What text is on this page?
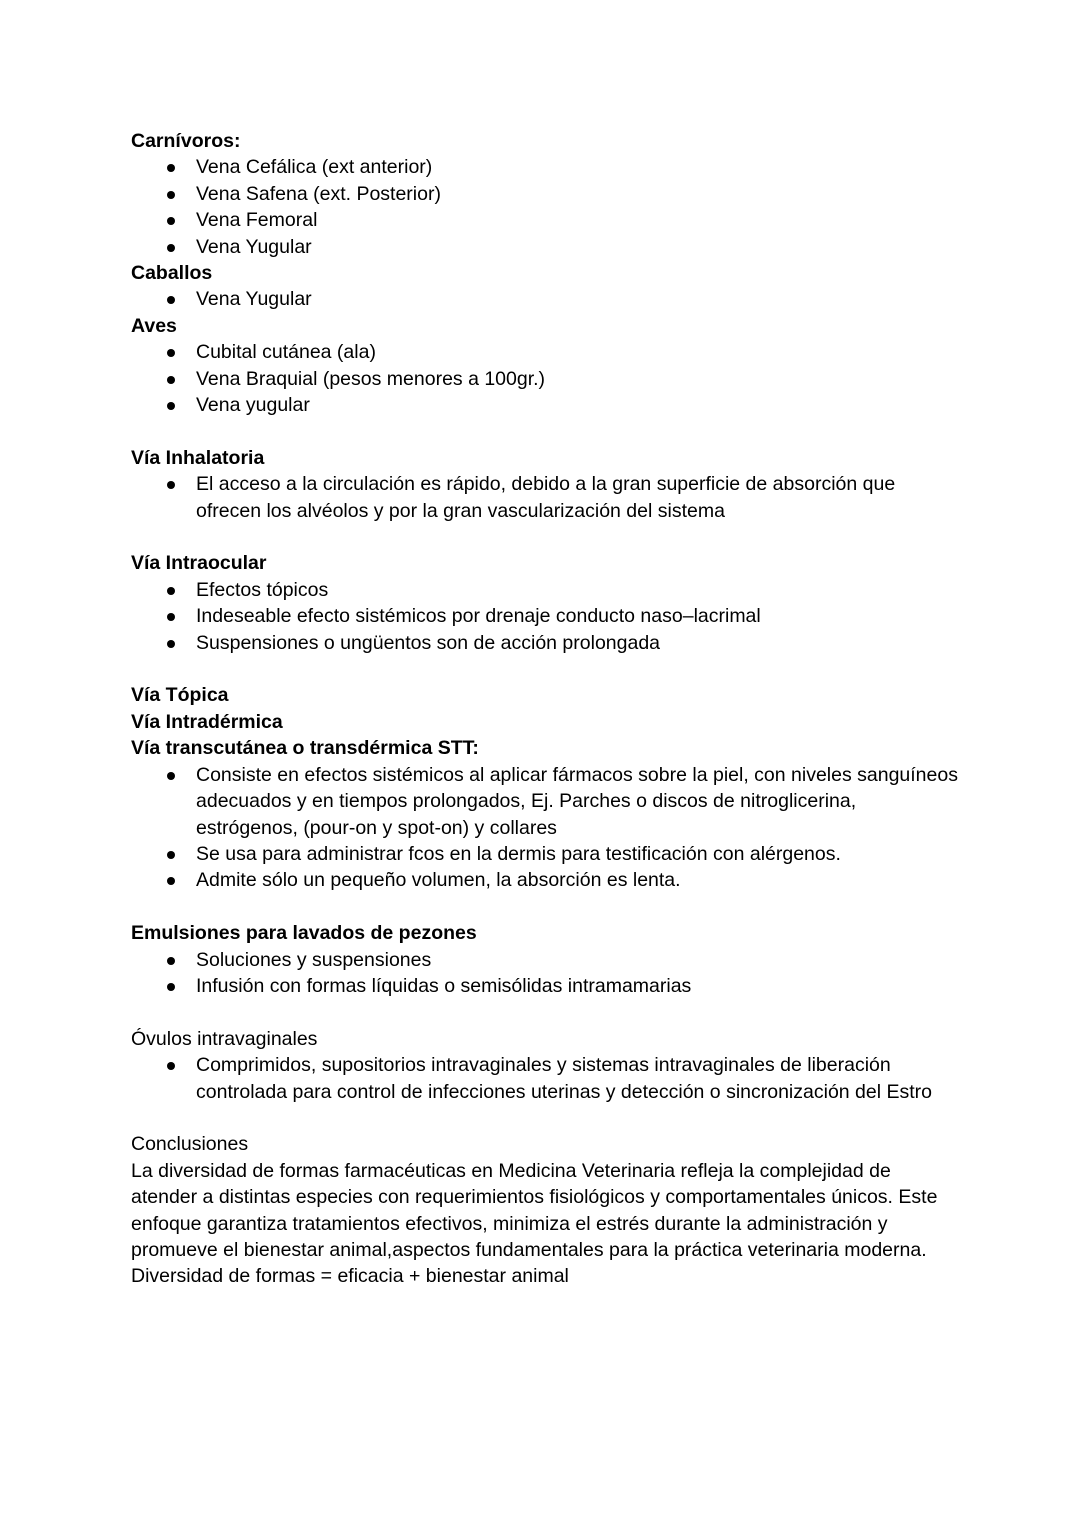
Carnívoros:
Vena Cefálica (ext anterior)
Vena Safena (ext. Posterior)
Vena Femoral
Vena Yugular
Caballos
Vena Yugular
Aves
Cubital cutánea (ala)
Vena Braquial (pesos menores a 100gr.)
Vena yugular
Vía Inhalatoria
El acceso a la circulación es rápido, debido a la gran superficie de absorción que ofrecen los alvéolos y por la gran vascularización del sistema
Vía Intraocular
Efectos tópicos
Indeseable efecto sistémicos por drenaje conducto naso–lacrimal
Suspensiones o ungüentos son de acción prolongada
Vía Tópica
Vía Intradérmica
Vía transcutánea o transdérmica STT:
Consiste en efectos sistémicos al aplicar fármacos sobre la piel, con niveles sanguíneos adecuados y en tiempos prolongados, Ej. Parches o discos de nitroglicerina, estrógenos, (pour-on y spot-on) y collares
Se usa para administrar fcos en la dermis para testificación con alérgenos.
Admite sólo un pequeño volumen, la absorción es lenta.
Emulsiones para lavados de pezones
Soluciones y suspensiones
Infusión con formas líquidas o semisólidas intramamarias
Óvulos intravaginales
Comprimidos, supositorios intravaginales y sistemas intravaginales de liberación controlada para control de infecciones uterinas y detección o sincronización del Estro
Conclusiones
La diversidad de formas farmacéuticas en Medicina Veterinaria refleja la complejidad de atender a distintas especies con requerimientos fisiológicos y comportamentales únicos. Este enfoque garantiza tratamientos efectivos, minimiza el estrés durante la administración y promueve el bienestar animal,aspectos fundamentales para la práctica veterinaria moderna.
Diversidad de formas = eficacia + bienestar animal
